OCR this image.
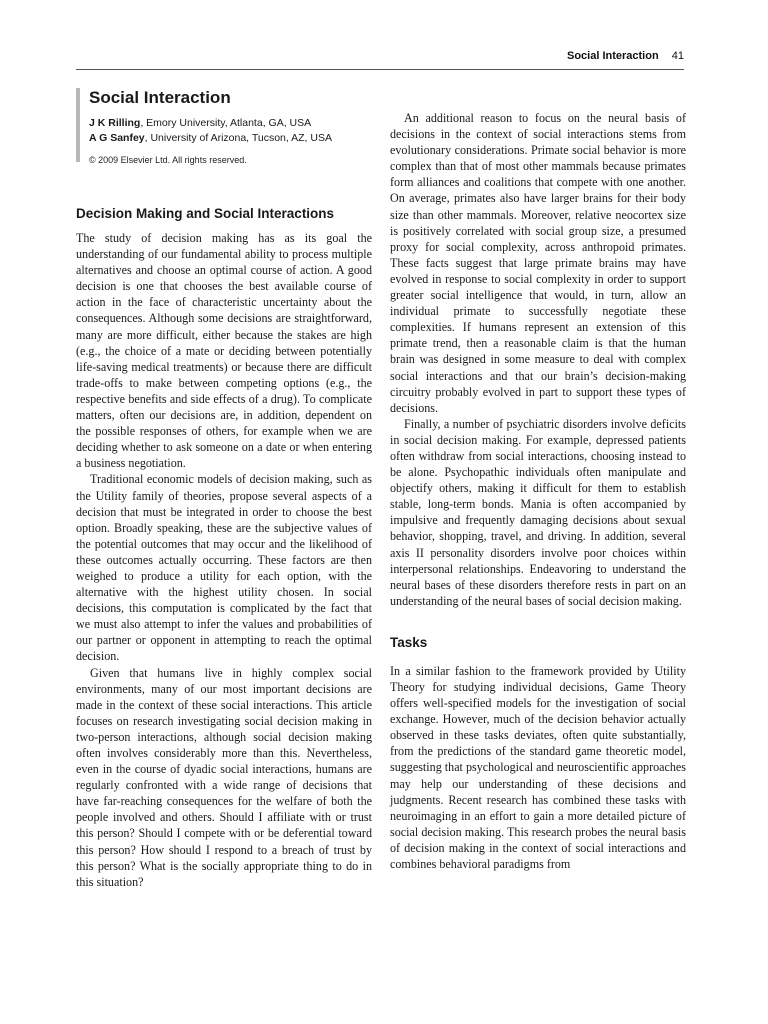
Social Interaction 41
Social Interaction
J K Rilling, Emory University, Atlanta, GA, USA
A G Sanfey, University of Arizona, Tucson, AZ, USA
© 2009 Elsevier Ltd. All rights reserved.
Decision Making and Social Interactions

The study of decision making has as its goal the understanding of our fundamental ability to process multiple alternatives and choose an optimal course of action. A good decision is one that chooses the best available course of action in the face of characteristic uncertainty about the consequences. Although some decisions are straightforward, many are more difficult, either because the stakes are high (e.g., the choice of a mate or deciding between potentially life-saving medical treatments) or because there are difficult trade-offs to make between competing options (e.g., the respective benefits and side effects of a drug). To complicate matters, often our decisions are, in addition, dependent on the possible responses of others, for example when we are deciding whether to ask someone on a date or when entering a business negotiation.

Traditional economic models of decision making, such as the Utility family of theories, propose several aspects of a decision that must be integrated in order to choose the best option. Broadly speaking, these are the subjective values of the potential outcomes that may occur and the likelihood of these outcomes actually occurring. These factors are then weighed to produce a utility for each option, with the alternative with the highest utility chosen. In social decisions, this computation is complicated by the fact that we must also attempt to infer the values and probabilities of our partner or opponent in attempting to reach the optimal decision.

Given that humans live in highly complex social environments, many of our most important decisions are made in the context of these social interactions. This article focuses on research investigating social decision making in two-person interactions, although social decision making often involves considerably more than this. Nevertheless, even in the course of dyadic social interactions, humans are regularly confronted with a wide range of decisions that have far-reaching consequences for the welfare of both the people involved and others. Should I affiliate with or trust this person? Should I compete with or be deferential toward this person? How should I respond to a breach of trust by this person? What is the socially appropriate thing to do in this situation?

An additional reason to focus on the neural basis of decisions in the context of social interactions stems from evolutionary considerations. Primate social behavior is more complex than that of most other mammals because primates form alliances and coalitions that compete with one another. On average, primates also have larger brains for their body size than other mammals. Moreover, relative neocortex size is positively correlated with social group size, a presumed proxy for social complexity, across anthropoid primates. These facts suggest that large primate brains may have evolved in response to social complexity in order to support greater social intelligence that would, in turn, allow an individual primate to successfully negotiate these complexities. If humans represent an extension of this primate trend, then a reasonable claim is that the human brain was designed in some measure to deal with complex social interactions and that our brain’s decision-making circuitry probably evolved in part to support these types of decisions.

Finally, a number of psychiatric disorders involve deficits in social decision making. For example, depressed patients often withdraw from social interactions, choosing instead to be alone. Psychopathic individuals often manipulate and objectify others, making it difficult for them to establish stable, long-term bonds. Mania is often accompanied by impulsive and frequently damaging decisions about sexual behavior, shopping, travel, and driving. In addition, several axis II personality disorders involve poor choices within interpersonal relationships. Endeavoring to understand the neural bases of these disorders therefore rests in part on an understanding of the neural bases of social decision making.

Tasks

In a similar fashion to the framework provided by Utility Theory for studying individual decisions, Game Theory offers well-specified models for the investigation of social exchange. However, much of the decision behavior actually observed in these tasks deviates, often quite substantially, from the predictions of the standard game theoretic model, suggesting that psychological and neuroscientific approaches may help our understanding of these decisions and judgments. Recent research has combined these tasks with neuroimaging in an effort to gain a more detailed picture of social decision making. This research probes the neural basis of decision making in the context of social interactions and combines behavioral paradigms from
